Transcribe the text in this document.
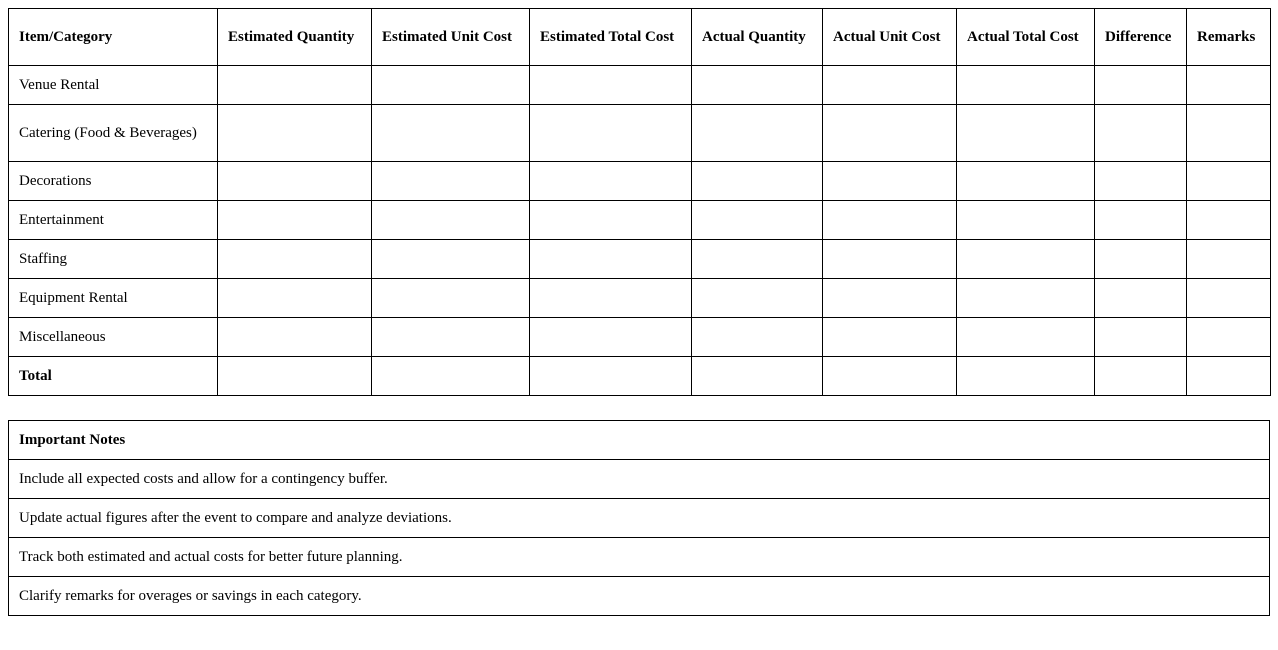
Item/Category	Estimated Quantity	Estimated Unit Cost	Estimated Total Cost	Actual Quantity	Actual Unit Cost	Actual Total Cost	Difference	Remarks
Venue Rental								
Catering (Food & Beverages)								
Decorations								
Entertainment								
Staffing								
Equipment Rental								
Miscellaneous								
Total								
Important Notes
Include all expected costs and allow for a contingency buffer.
Update actual figures after the event to compare and analyze deviations.
Track both estimated and actual costs for better future planning.
Clarify remarks for overages or savings in each category.
